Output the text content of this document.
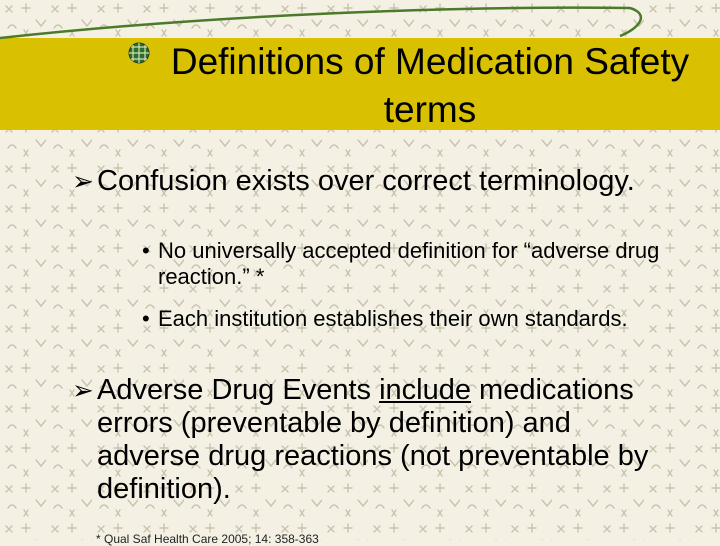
Definitions of Medication Safety terms
➢ Confusion exists over correct terminology.
• No universally accepted definition for “adverse drug reaction.” *
• Each institution establishes their own standards.
➢ Adverse Drug Events include medications errors (preventable by definition) and adverse drug reactions (not preventable by definition).
* Qual Saf Health Care 2005; 14: 358-363
